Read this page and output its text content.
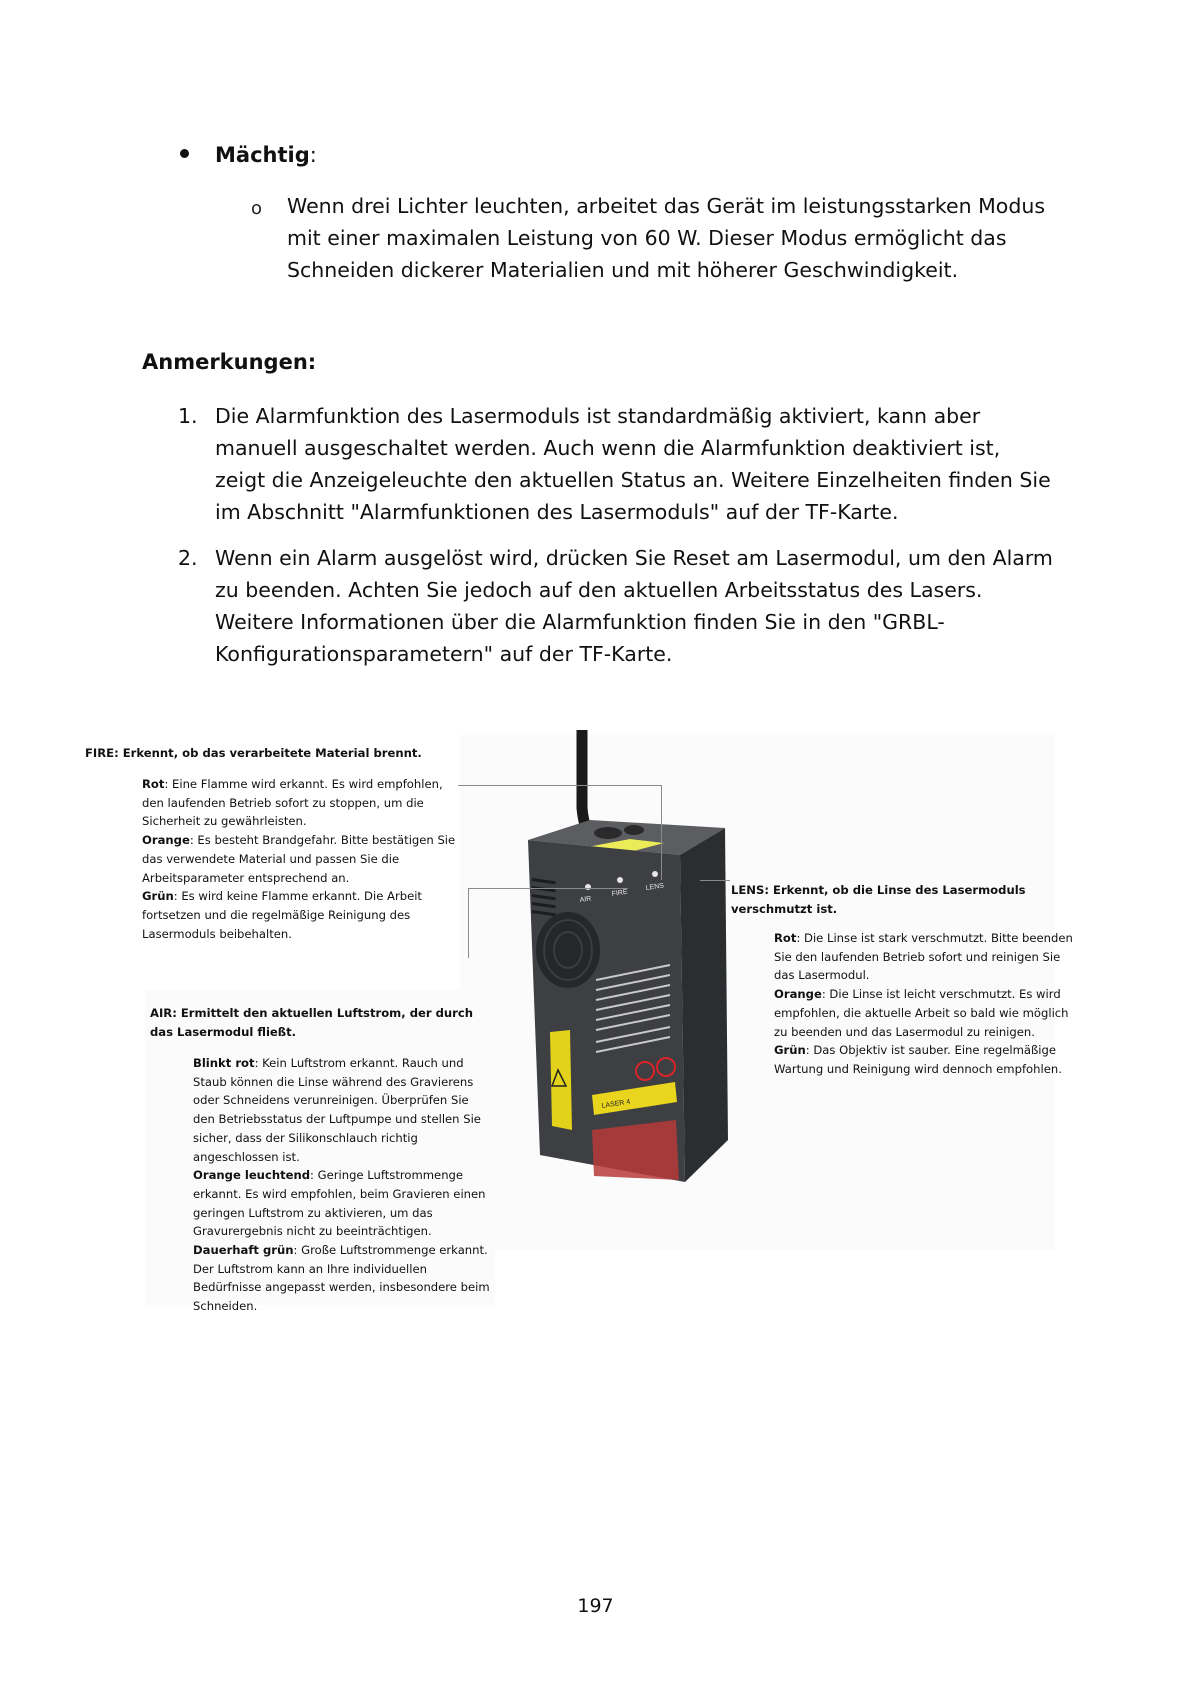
Mächtig:
o Wenn drei Lichter leuchten, arbeitet das Gerät im leistungsstarken Modus mit einer maximalen Leistung von 60 W. Dieser Modus ermöglicht das Schneiden dickerer Materialien und mit höherer Geschwindigkeit.
Anmerkungen:
1. Die Alarmfunktion des Lasermoduls ist standardmäßig aktiviert, kann aber manuell ausgeschaltet werden. Auch wenn die Alarmfunktion deaktiviert ist, zeigt die Anzeigeleuchte den aktuellen Status an. Weitere Einzelheiten finden Sie im Abschnitt "Alarmfunktionen des Lasermoduls" auf der TF-Karte.
2. Wenn ein Alarm ausgelöst wird, drücken Sie Reset am Lasermodul, um den Alarm zu beenden. Achten Sie jedoch auf den aktuellen Arbeitsstatus des Lasers. Weitere Informationen über die Alarmfunktion finden Sie in den "GRBL-Konfigurationsparametern" auf der TF-Karte.
AIR
FIRE
LENS
LASER 4
FIRE: Erkennt, ob das verarbeitete Material brennt.
Rot: Eine Flamme wird erkannt. Es wird empfohlen, den laufenden Betrieb sofort zu stoppen, um die Sicherheit zu gewährleisten.
Orange: Es besteht Brandgefahr. Bitte bestätigen Sie das verwendete Material und passen Sie die Arbeitsparameter entsprechend an.
Grün: Es wird keine Flamme erkannt. Die Arbeit fortsetzen und die regelmäßige Reinigung des Lasermoduls beibehalten.
LENS: Erkennt, ob die Linse des Lasermoduls verschmutzt ist.
Rot: Die Linse ist stark verschmutzt. Bitte beenden Sie den laufenden Betrieb sofort und reinigen Sie das Lasermodul.
Orange: Die Linse ist leicht verschmutzt. Es wird empfohlen, die aktuelle Arbeit so bald wie möglich zu beenden und das Lasermodul zu reinigen.
Grün: Das Objektiv ist sauber. Eine regelmäßige Wartung und Reinigung wird dennoch empfohlen.
AIR: Ermittelt den aktuellen Luftstrom, der durch das Lasermodul fließt.
Blinkt rot: Kein Luftstrom erkannt. Rauch und Staub können die Linse während des Gravierens oder Schneidens verunreinigen. Überprüfen Sie den Betriebsstatus der Luftpumpe und stellen Sie sicher, dass der Silikonschlauch richtig angeschlossen ist.
Orange leuchtend: Geringe Luftstrommenge erkannt. Es wird empfohlen, beim Gravieren einen geringen Luftstrom zu aktivieren, um das Gravurergebnis nicht zu beeinträchtigen.
Dauerhaft grün: Große Luftstrommenge erkannt. Der Luftstrom kann an Ihre individuellen Bedürfnisse angepasst werden, insbesondere beim Schneiden.
197
